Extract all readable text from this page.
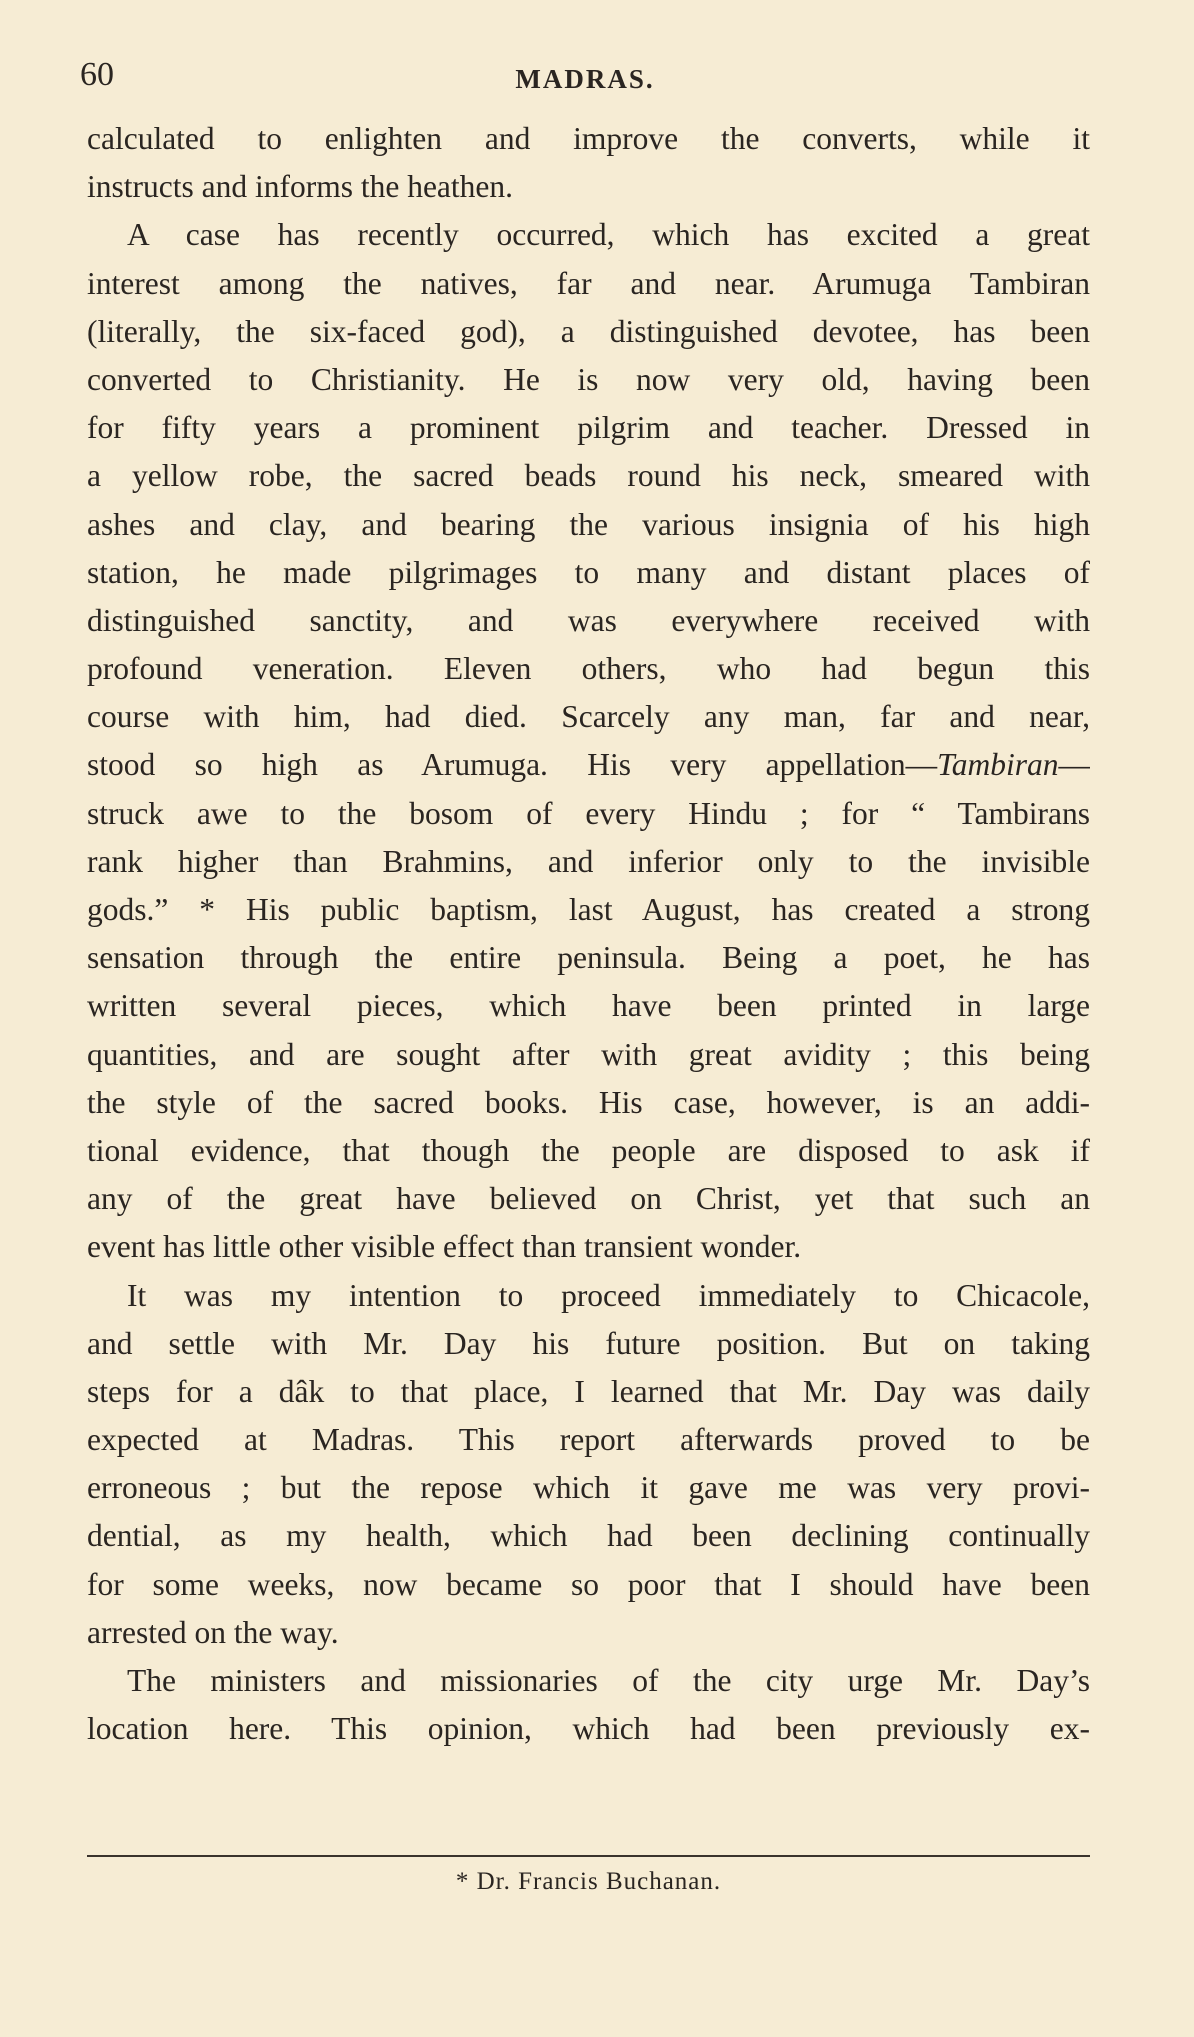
60	MADRAS.
calculated to enlighten and improve the converts, while it
instructs and informs the heathen.
A case has recently occurred, which has excited a great
interest among the natives, far and near. Arumuga Tambiran
(literally, the six-faced god), a distinguished devotee, has been
converted to Christianity. He is now very old, having been
for fifty years a prominent pilgrim and teacher. Dressed in
a yellow robe, the sacred beads round his neck, smeared with
ashes and clay, and bearing the various insignia of his high
station, he made pilgrimages to many and distant places of
distinguished sanctity, and was everywhere received with
profound veneration. Eleven others, who had begun this
course with him, had died. Scarcely any man, far and near,
stood so high as Arumuga. His very appellation—Tambiran—
struck awe to the bosom of every Hindu ; for “ Tambirans
rank higher than Brahmins, and inferior only to the invisible
gods.” * His public baptism, last August, has created a strong
sensation through the entire peninsula. Being a poet, he has
written several pieces, which have been printed in large
quantities, and are sought after with great avidity ; this being
the style of the sacred books. His case, however, is an addi-
tional evidence, that though the people are disposed to ask if
any of the great have believed on Christ, yet that such an
event has little other visible effect than transient wonder.
It was my intention to proceed immediately to Chicacole,
and settle with Mr. Day his future position. But on taking
steps for a dâk to that place, I learned that Mr. Day was daily
expected at Madras. This report afterwards proved to be
erroneous ; but the repose which it gave me was very provi-
dential, as my health, which had been declining continually
for some weeks, now became so poor that I should have been
arrested on the way.
The ministers and missionaries of the city urge Mr. Day’s
location here. This opinion, which had been previously ex-
* Dr. Francis Buchanan.
